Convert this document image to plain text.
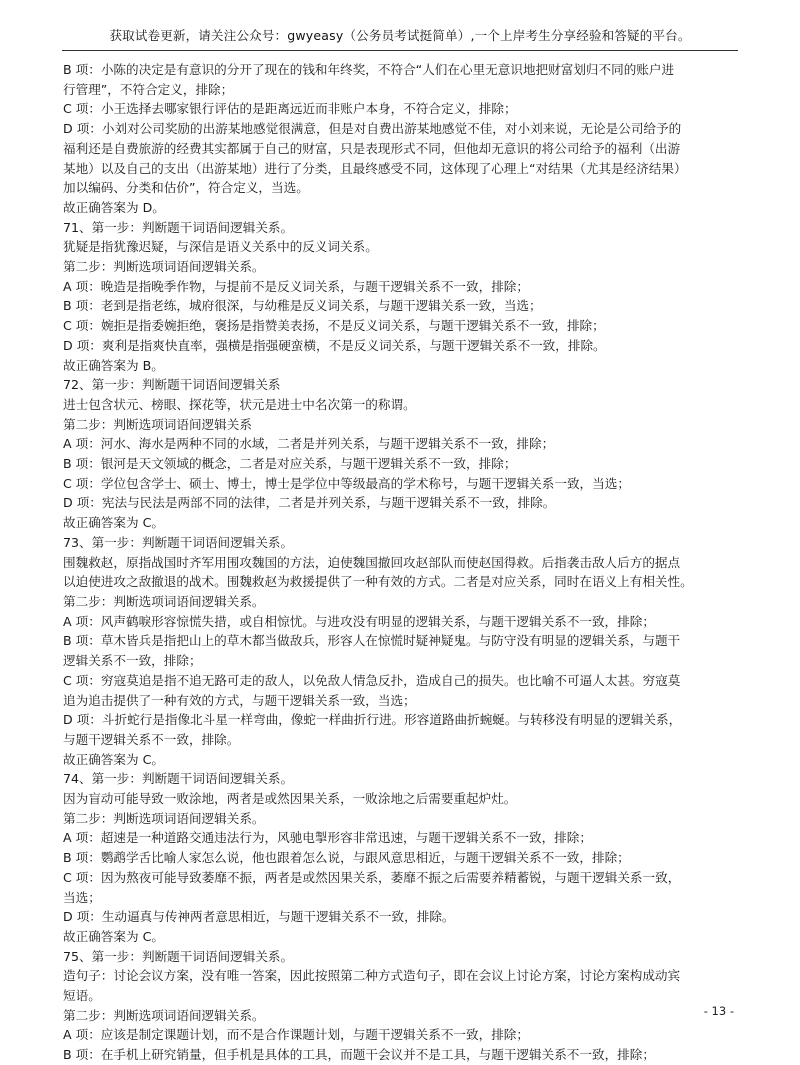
获取试卷更新，请关注公众号：gwyeasy（公务员考试挺简单）,一个上岸考生分享经验和答疑的平台。
B 项：小陈的决定是有意识的分开了现在的钱和年终奖，不符合“人们在心里无意识地把财富划归不同的账户进
行管理”，不符合定义，排除；
C 项：小王选择去哪家银行评估的是距离远近而非账户本身，不符合定义，排除；
D 项：小刘对公司奖励的出游某地感觉很满意，但是对自费出游某地感觉不佳，对小刘来说，无论是公司给予的
福利还是自费旅游的经费其实都属于自己的财富，只是表现形式不同，但他却无意识的将公司给予的福利（出游
某地）以及自己的支出（出游某地）进行了分类，且最终感受不同，这体现了心理上“对结果（尤其是经济结果）
加以编码、分类和估价”，符合定义，当选。
故正确答案为 D。
71、第一步：判断题干词语间逻辑关系。
犹疑是指犹豫迟疑，与深信是语义关系中的反义词关系。
第二步：判断选项词语间逻辑关系。
A 项：晚造是指晚季作物，与提前不是反义词关系，与题干逻辑关系不一致，排除；
B 项：老到是指老练，城府很深，与幼稚是反义词关系，与题干逻辑关系一致，当选；
C 项：婉拒是指委婉拒绝，褒扬是指赞美表扬，不是反义词关系，与题干逻辑关系不一致，排除；
D 项：爽利是指爽快直率，强横是指强硬蛮横，不是反义词关系，与题干逻辑关系不一致，排除。
故正确答案为 B。
72、第一步：判断题干词语间逻辑关系
进士包含状元、榜眼、探花等，状元是进士中名次第一的称谓。
第二步：判断选项词语间逻辑关系
A 项：河水、海水是两种不同的水域，二者是并列关系，与题干逻辑关系不一致，排除；
B 项：银河是天文领域的概念，二者是对应关系，与题干逻辑关系不一致，排除；
C 项：学位包含学士、硕士、博士，博士是学位中等级最高的学术称号，与题干逻辑关系一致，当选；
D 项：宪法与民法是两部不同的法律，二者是并列关系，与题干逻辑关系不一致，排除。
故正确答案为 C。
73、第一步：判断题干词语间逻辑关系。
围魏救赵，原指战国时齐军用围攻魏国的方法，迫使魏国撤回攻赵部队而使赵国得救。后指袭击敌人后方的据点
以迫使进攻之敌撤退的战术。围魏救赵为救援提供了一种有效的方式。二者是对应关系，同时在语义上有相关性。
第二步：判断选项词语间逻辑关系。
A 项：风声鹤唳形容惊慌失措，或自相惊忧。与进攻没有明显的逻辑关系，与题干逻辑关系不一致，排除；
B 项：草木皆兵是指把山上的草木都当做敌兵，形容人在惊慌时疑神疑鬼。与防守没有明显的逻辑关系，与题干
逻辑关系不一致，排除；
C 项：穷寇莫追是指不追无路可走的敌人，以免敌人情急反扑，造成自己的损失。也比喻不可逼人太甚。穷寇莫
追为追击提供了一种有效的方式，与题干逻辑关系一致，当选；
D 项：斗折蛇行是指像北斗星一样弯曲，像蛇一样曲折行进。形容道路曲折蜿蜒。与转移没有明显的逻辑关系，
与题干逻辑关系不一致，排除。
故正确答案为 C。
74、第一步：判断题干词语间逻辑关系。
因为盲动可能导致一败涂地，两者是或然因果关系，一败涂地之后需要重起炉灶。
第二步：判断选项词语间逻辑关系。
A 项：超速是一种道路交通违法行为，风驰电掣形容非常迅速，与题干逻辑关系不一致，排除；
B 项：鹦鹉学舌比喻人家怎么说，他也跟着怎么说，与跟风意思相近，与题干逻辑关系不一致，排除；
C 项：因为熬夜可能导致萎靡不振，两者是或然因果关系，萎靡不振之后需要养精蓄锐，与题干逻辑关系一致，
当选；
D 项：生动逼真与传神两者意思相近，与题干逻辑关系不一致，排除。
故正确答案为 C。
75、第一步：判断题干词语间逻辑关系。
造句子：讨论会议方案，没有唯一答案，因此按照第二种方式造句子，即在会议上讨论方案，讨论方案构成动宾
短语。
第二步：判断选项词语间逻辑关系。
A 项：应该是制定课题计划，而不是合作课题计划，与题干逻辑关系不一致，排除；
B 项：在手机上研究销量，但手机是具体的工具，而题干会议并不是工具，与题干逻辑关系不一致，排除；
- 13 -
